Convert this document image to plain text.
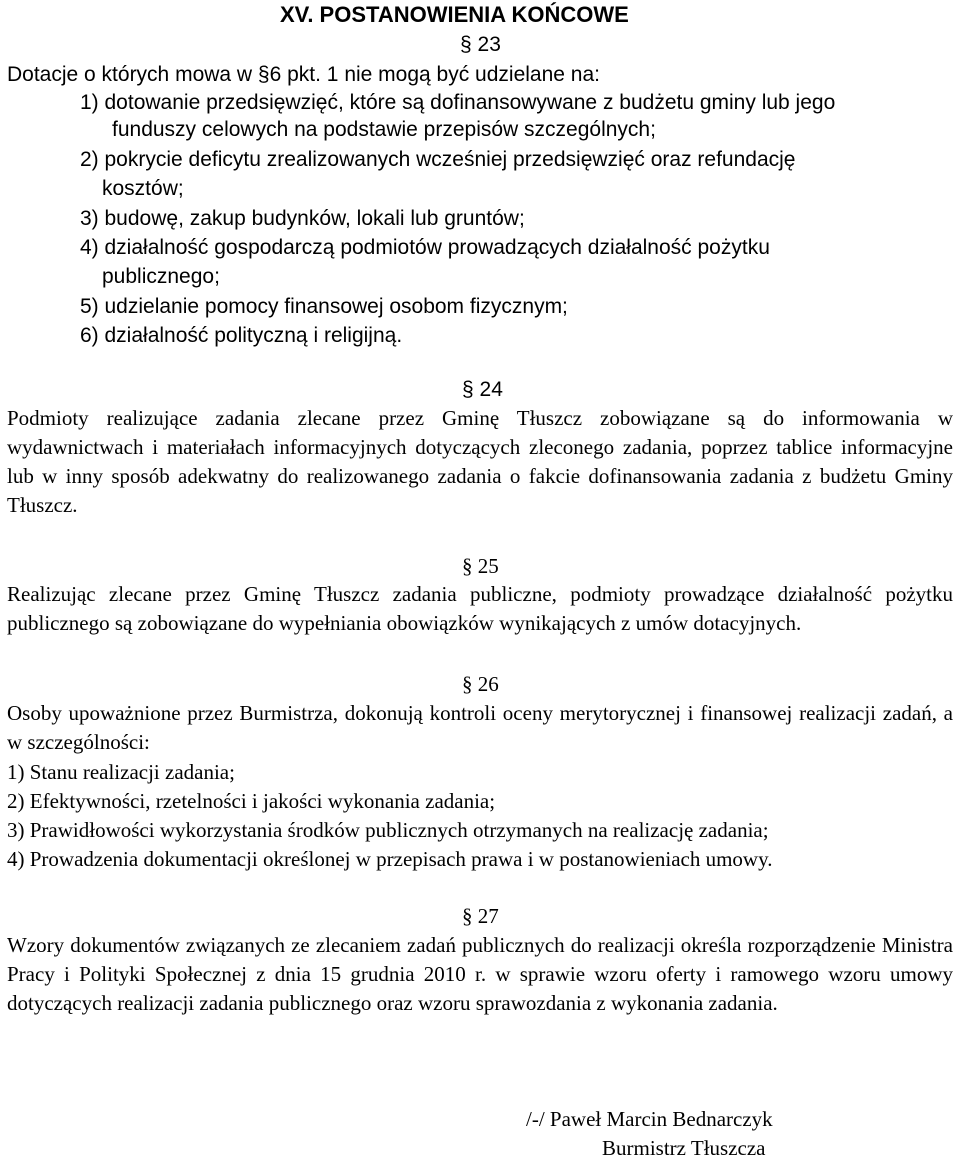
XV. POSTANOWIENIA KOŃCOWE
§ 23
Dotacje o których mowa w §6 pkt. 1 nie mogą być udzielane na:
1) dotowanie przedsięwzięć, które są dofinansowywane z budżetu gminy lub jego
funduszy celowych na podstawie przepisów szczególnych;
2) pokrycie deficytu zrealizowanych wcześniej przedsięwzięć oraz refundację
kosztów;
3) budowę, zakup budynków, lokali lub gruntów;
4) działalność gospodarczą podmiotów prowadzących działalność pożytku
publicznego;
5) udzielanie pomocy finansowej osobom fizycznym;
6) działalność polityczną i religijną.
§ 24
Podmioty realizujące zadania zlecane przez Gminę Tłuszcz zobowiązane są do informowania w wydawnictwach i materiałach informacyjnych dotyczących zleconego zadania, poprzez tablice informacyjne lub w inny sposób adekwatny do realizowanego zadania o fakcie dofinansowania zadania z budżetu Gminy Tłuszcz.
§ 25
Realizując zlecane przez Gminę Tłuszcz zadania publiczne, podmioty prowadzące działalność pożytku publicznego są zobowiązane do wypełniania obowiązków wynikających z umów dotacyjnych.
§ 26
Osoby upoważnione przez Burmistrza, dokonują kontroli oceny merytorycznej i finansowej realizacji zadań, a w szczególności:
1) Stanu realizacji zadania;
2) Efektywności, rzetelności i jakości wykonania zadania;
3) Prawidłowości wykorzystania środków publicznych otrzymanych na realizację zadania;
4) Prowadzenia dokumentacji określonej w przepisach prawa i w postanowieniach umowy.
§ 27
Wzory dokumentów związanych ze zlecaniem zadań publicznych do realizacji określa rozporządzenie Ministra Pracy i Polityki Społecznej z dnia 15 grudnia 2010 r. w sprawie wzoru oferty i ramowego wzoru umowy dotyczących realizacji zadania publicznego oraz wzoru sprawozdania z wykonania zadania.
/-/ Paweł Marcin Bednarczyk
Burmistrz Tłuszcza
